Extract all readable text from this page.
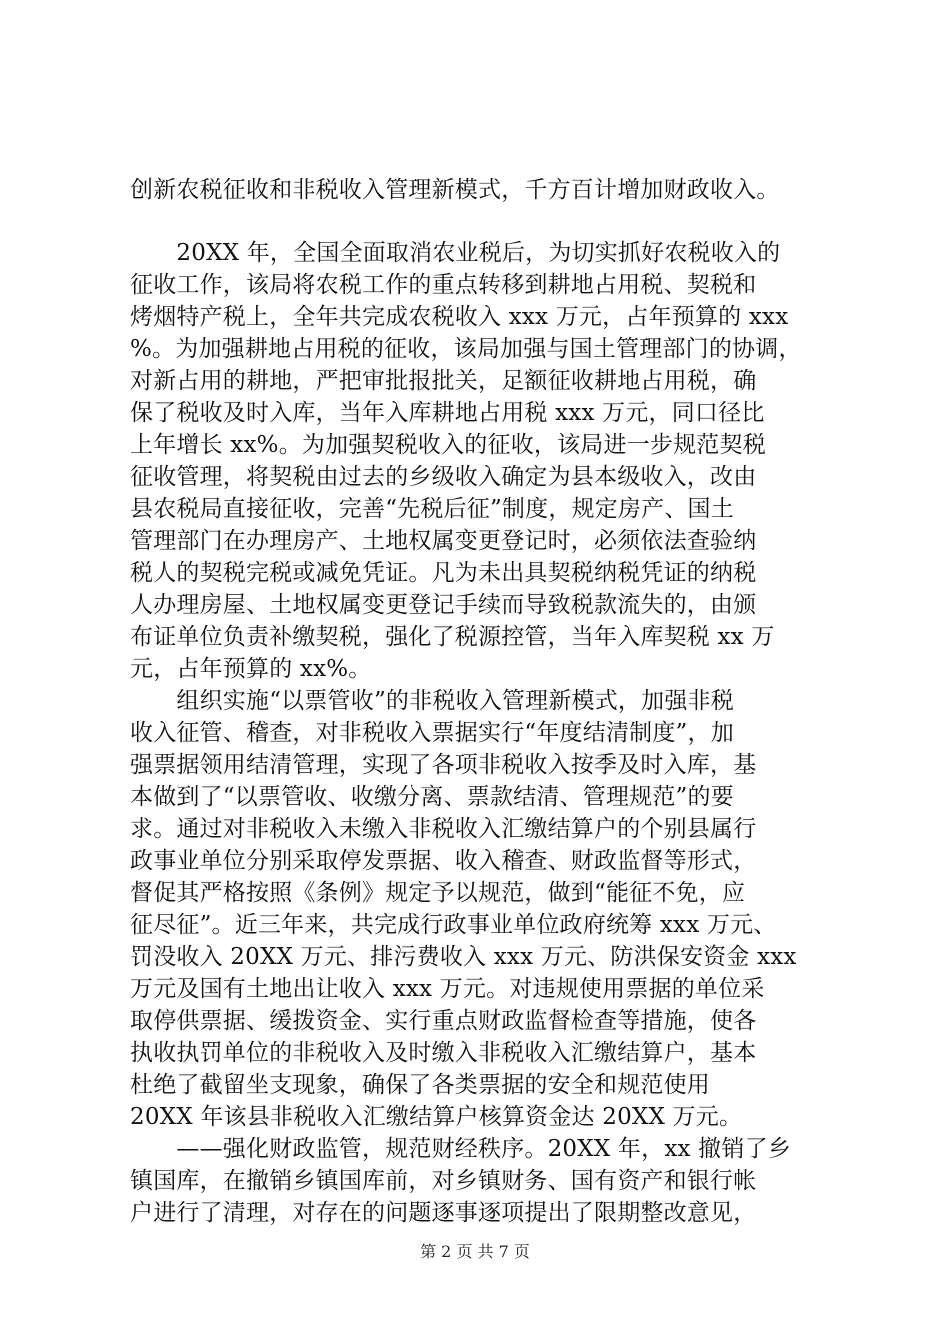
创新农税征收和非税收入管理新模式，千方百计增加财政收入。
　　20XX 年，全国全面取消农业税后，为切实抓好农税收入的
征收工作，该局将农税工作的重点转移到耕地占用税、契税和
烤烟特产税上，全年共完成农税收入 xxx 万元，占年预算的 xxx
%。为加强耕地占用税的征收，该局加强与国土管理部门的协调，
对新占用的耕地，严把审批报批关，足额征收耕地占用税，确
保了税收及时入库，当年入库耕地占用税 xxx 万元，同口径比
上年增长 xx%。为加强契税收入的征收，该局进一步规范契税
征收管理，将契税由过去的乡级收入确定为县本级收入，改由
县农税局直接征收，完善“先税后征”制度，规定房产、国土
管理部门在办理房产、土地权属变更登记时，必须依法查验纳
税人的契税完税或减免凭证。凡为未出具契税纳税凭证的纳税
人办理房屋、土地权属变更登记手续而导致税款流失的，由颁
布证单位负责补缴契税，强化了税源控管，当年入库契税 xx 万
元，占年预算的 xx%。
　　组织实施“以票管收”的非税收入管理新模式，加强非税
收入征管、稽查，对非税收入票据实行“年度结清制度”，加
强票据领用结清管理，实现了各项非税收入按季及时入库，基
本做到了“以票管收、收缴分离、票款结清、管理规范”的要
求。通过对非税收入未缴入非税收入汇缴结算户的个别县属行
政事业单位分别采取停发票据、收入稽查、财政监督等形式，
督促其严格按照《条例》规定予以规范，做到“能征不免，应
征尽征”。近三年来，共完成行政事业单位政府统筹 xxx 万元、
罚没收入 20XX 万元、排污费收入 xxx 万元、防洪保安资金 xxx
万元及国有土地出让收入 xxx 万元。对违规使用票据的单位采
取停供票据、缓拨资金、实行重点财政监督检查等措施，使各
执收执罚单位的非税收入及时缴入非税收入汇缴结算户，基本
杜绝了截留坐支现象，确保了各类票据的安全和规范使用
20XX 年该县非税收入汇缴结算户核算资金达 20XX 万元。
　　——强化财政监管，规范财经秩序。20XX 年，xx 撤销了乡
镇国库，在撤销乡镇国库前，对乡镇财务、国有资产和银行帐
户进行了清理，对存在的问题逐事逐项提出了限期整改意见，
第 2 页 共 7 页
